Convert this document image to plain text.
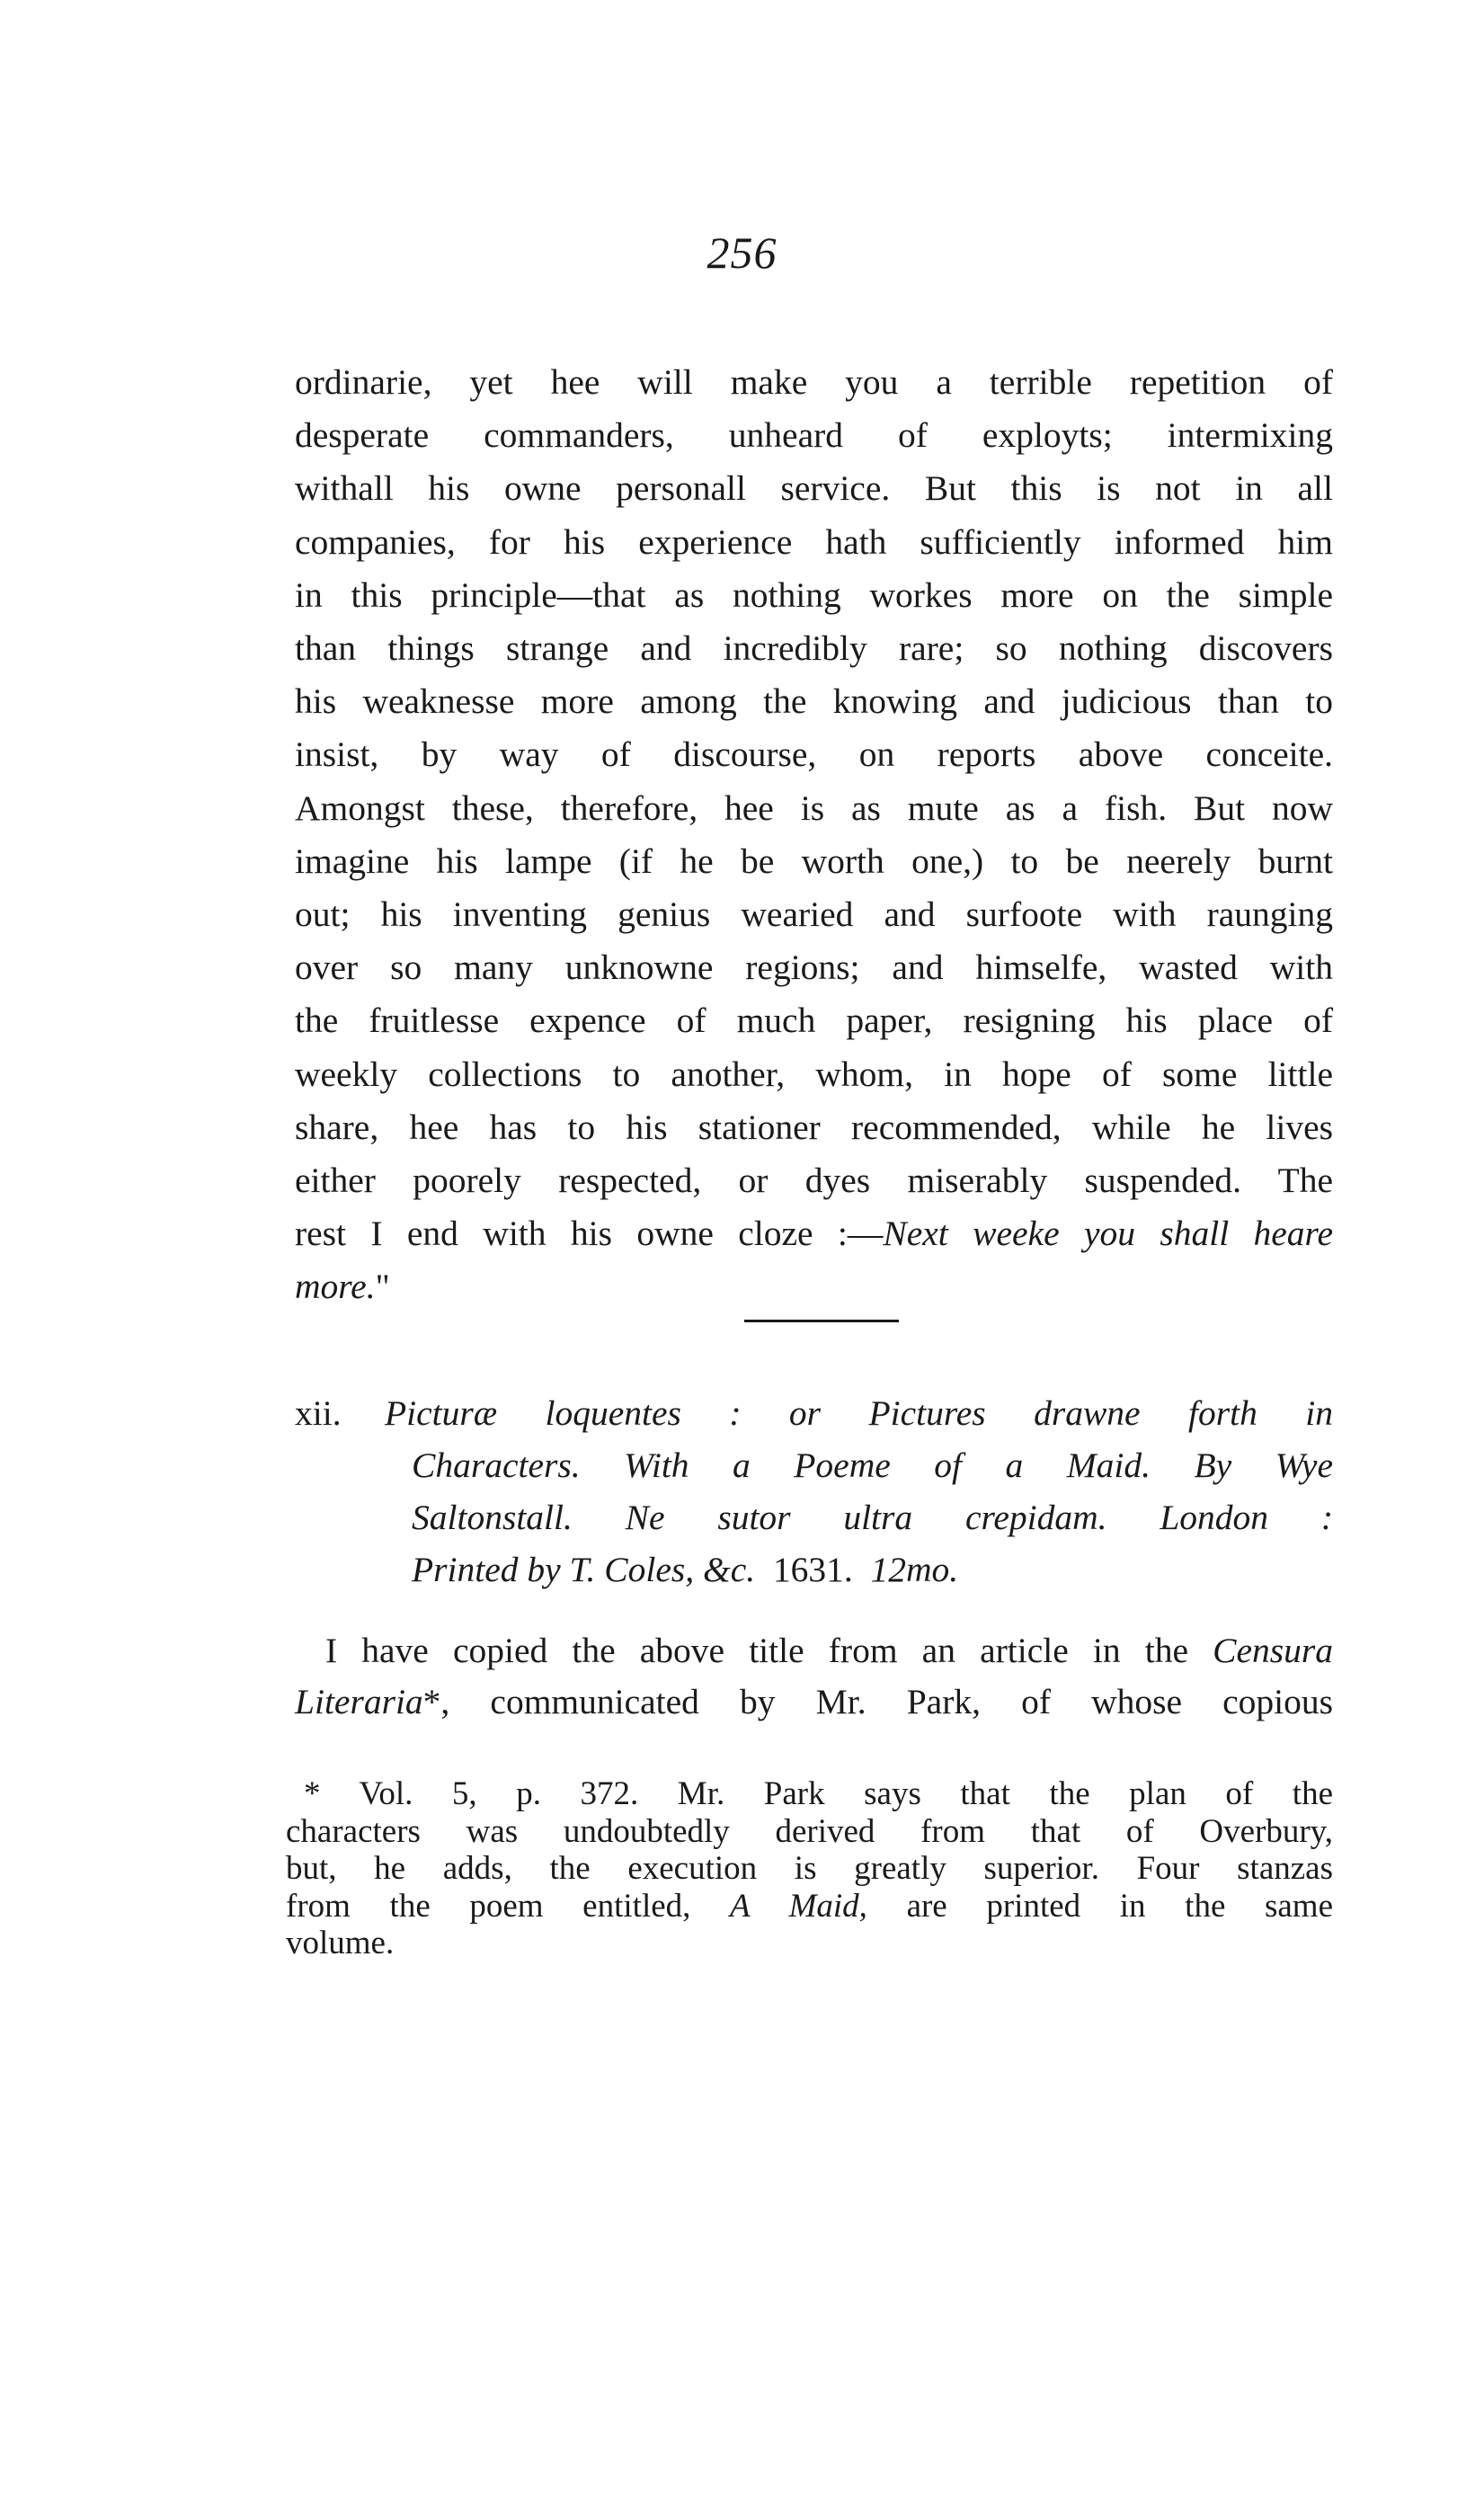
256

ordinarie, yet hee will make you a terrible repetition of
desperate commanders, unheard of exployts; intermixing
withall his owne personall service. But this is not in all
companies, for his experience hath sufficiently informed him
in this principle—that as nothing workes more on the simple
than things strange and incredibly rare; so nothing discovers
his weaknesse more among the knowing and judicious than to
insist, by way of discourse, on reports above conceite.
Amongst these, therefore, hee is as mute as a fish. But now
imagine his lampe (if he be worth one,) to be neerely burnt
out; his inventing genius wearied and surfoote with raunging
over so many unknowne regions; and himselfe, wasted with
the fruitlesse expence of much paper, resigning his place of
weekly collections to another, whom, in hope of some little
share, hee has to his stationer recommended, while he lives
either poorely respected, or dyes miserably suspended. The
rest I end with his owne cloze :—Next weeke you shall heare
more."

xii. Picturæ loquentes : or Pictures drawne forth in
Characters. With a Poeme of a Maid. By Wye
Saltonstall. Ne sutor ultra crepidam. London :
Printed by T. Coles, &c. 1631. 12mo.
I have copied the above title from an article in the Censura
Literaria*, communicated by Mr. Park, of whose copious
* Vol. 5, p. 372. Mr. Park says that the plan of the
characters was undoubtedly derived from that of Overbury,
but, he adds, the execution is greatly superior. Four stanzas
from the poem entitled, A Maid, are printed in the same
volume.
